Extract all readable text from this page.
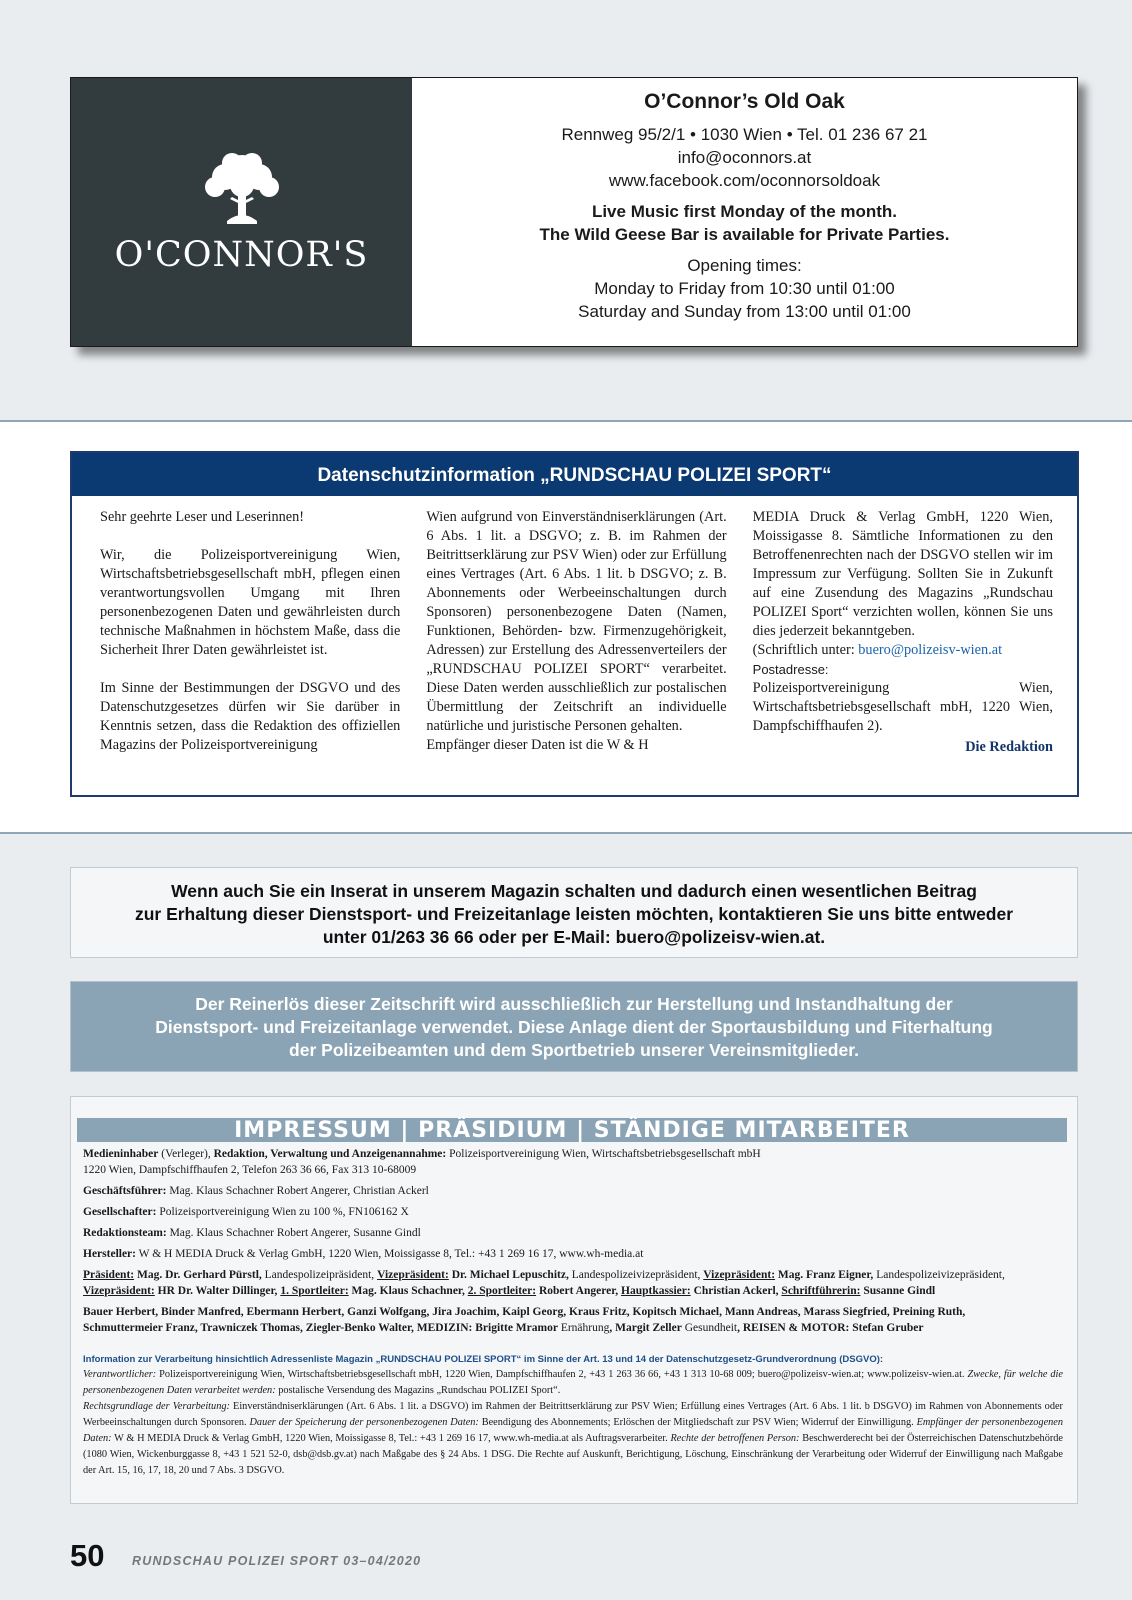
O'CONNOR'S
O’Connor’s Old Oak
Rennweg 95/2/1 • 1030 Wien • Tel. 01 236 67 21
info@oconnors.at
www.facebook.com/oconnorsoldoak
Live Music first Monday of the month.
The Wild Geese Bar is available for Private Parties.
Opening times:
Monday to Friday from 10:30 until 01:00
Saturday and Sunday from 13:00 until 01:00
Datenschutzinformation „RUNDSCHAU POLIZEI SPORT“

Sehr geehrte Leser und Leserinnen!

Wir, die Polizeisportvereinigung Wien, Wirtschaftsbetriebsgesellschaft mbH, pflegen einen verantwortungsvollen Umgang mit Ihren personenbezogenen Daten und gewährleisten durch technische Maßnahmen in höchstem Maße, dass die Sicherheit Ihrer Daten gewährleistet ist.

Im Sinne der Bestimmungen der DSGVO und des Datenschutzgesetzes dürfen wir Sie darüber in Kenntnis setzen, dass die Redaktion des offiziellen Magazins der Polizeisportvereinigung

Wien aufgrund von Einverständniserklärungen (Art. 6 Abs. 1 lit. a DSGVO; z. B. im Rahmen der Beitrittserklärung zur PSV Wien) oder zur Erfüllung eines Vertrages (Art. 6 Abs. 1 lit. b DSGVO; z. B. Abonnements oder Werbeeinschaltungen durch Sponsoren) personenbezogene Daten (Namen, Funktionen, Behörden- bzw. Firmenzugehörigkeit, Adressen) zur Erstellung des Adressenverteilers der „RUNDSCHAU POLIZEI SPORT“ verarbeitet. Diese Daten werden ausschließlich zur postalischen Übermittlung der Zeitschrift an individuelle natürliche und juristische Personen gehalten.

Empfänger dieser Daten ist die W & H

MEDIA Druck & Verlag GmbH, 1220 Wien, Moissigasse 8. Sämtliche Informationen zu den Betroffenenrechten nach der DSGVO stellen wir im Impressum zur Verfügung. Sollten Sie in Zukunft auf eine Zusendung des Magazins „Rundschau POLIZEI Sport“ verzichten wollen, können Sie uns dies jederzeit bekanntgeben.

(Schriftlich unter: buero@polizeisv-wien.at
Postadresse:
Polizeisportvereinigung Wien, Wirtschaftsbetriebsgesellschaft mbH, 1220 Wien, Dampfschiffhaufen 2).
Die Redaktion
Wenn auch Sie ein Inserat in unserem Magazin schalten und dadurch einen wesentlichen Beitrag
zur Erhaltung dieser Dienstsport- und Freizeitanlage leisten möchten, kontaktieren Sie uns bitte entweder
unter 01/263 36 66 oder per E-Mail: buero@polizeisv-wien.at.
Der Reinerlös dieser Zeitschrift wird ausschließlich zur Herstellung und Instandhaltung der
Dienstsport- und Freizeitanlage verwendet. Diese Anlage dient der Sportausbildung und Fiterhaltung
der Polizeibeamten und dem Sportbetrieb unserer Vereinsmitglieder.
IMPRESSUM | PRÄSIDIUM | STÄNDIGE MITARBEITER
Medieninhaber (Verleger), Redaktion, Verwaltung und Anzeigenannahme: Polizeisportvereinigung Wien, Wirtschaftsbetriebsgesellschaft mbH
1220 Wien, Dampfschiffhaufen 2, Telefon 263 36 66, Fax 313 10-68009
Geschäftsführer: Mag. Klaus Schachner Robert Angerer, Christian Ackerl
Gesellschafter: Polizeisportvereinigung Wien zu 100 %, FN106162 X
Redaktionsteam: Mag. Klaus Schachner Robert Angerer, Susanne Gindl
Hersteller: W & H MEDIA Druck & Verlag GmbH, 1220 Wien, Moissigasse 8, Tel.: +43 1 269 16 17, www.wh-media.at
Präsident: Mag. Dr. Gerhard Pürstl, Landespolizeipräsident, Vizepräsident: Dr. Michael Lepuschitz, Landespolizeivizepräsident, Vizepräsident: Mag. Franz Eigner, Landespolizeivizepräsident,
Vizepräsident: HR Dr. Walter Dillinger, 1. Sportleiter: Mag. Klaus Schachner, 2. Sportleiter: Robert Angerer, Hauptkassier: Christian Ackerl, Schriftführerin: Susanne Gindl
Bauer Herbert, Binder Manfred, Ebermann Herbert, Ganzi Wolfgang, Jira Joachim, Kaipl Georg, Kraus Fritz, Kopitsch Michael, Mann Andreas, Marass Siegfried, Preining Ruth,
Schmuttermeier Franz, Trawniczek Thomas, Ziegler-Benko Walter, MEDIZIN: Brigitte Mramor Ernährung, Margit Zeller Gesundheit, REISEN & MOTOR: Stefan Gruber
Information zur Verarbeitung hinsichtlich Adressenliste Magazin „RUNDSCHAU POLIZEI SPORT“ im Sinne der Art. 13 und 14 der Datenschutzgesetz-Grundverordnung (DSGVO):
Verantwortlicher: Polizeisportvereinigung Wien, Wirtschaftsbetriebsgesellschaft mbH, 1220 Wien, Dampfschiffhaufen 2, +43 1 263 36 66, +43 1 313 10-68 009; buero@polizeisv-wien.at; www.polizeisv-wien.at. Zwecke, für welche die personenbezogenen Daten verarbeitet werden: postalische Versendung des Magazins „Rundschau POLIZEI Sport“.
Rechtsgrundlage der Verarbeitung: Einverständniserklärungen (Art. 6 Abs. 1 lit. a DSGVO) im Rahmen der Beitrittserklärung zur PSV Wien; Erfüllung eines Vertrages (Art. 6 Abs. 1 lit. b DSGVO) im Rahmen von Abonnements oder Werbeeinschaltungen durch Sponsoren. Dauer der Speicherung der personenbezogenen Daten: Beendigung des Abonnements; Erlöschen der Mitgliedschaft zur PSV Wien; Widerruf der Einwilligung. Empfänger der personenbezogenen Daten: W & H MEDIA Druck & Verlag GmbH, 1220 Wien, Moissigasse 8, Tel.: +43 1 269 16 17, www.wh-media.at als Auftragsverarbeiter. Rechte der betroffenen Person: Beschwerderecht bei der Österreichischen Datenschutzbehörde (1080 Wien, Wickenburggasse 8, +43 1 521 52-0, dsb@dsb.gv.at) nach Maßgabe des § 24 Abs. 1 DSG. Die Rechte auf Auskunft, Berichtigung, Löschung, Einschränkung der Verarbeitung oder Widerruf der Einwilligung nach Maßgabe der Art. 15, 16, 17, 18, 20 und 7 Abs. 3 DSGVO.
50 RUNDSCHAU POLIZEI SPORT 03–04/2020
